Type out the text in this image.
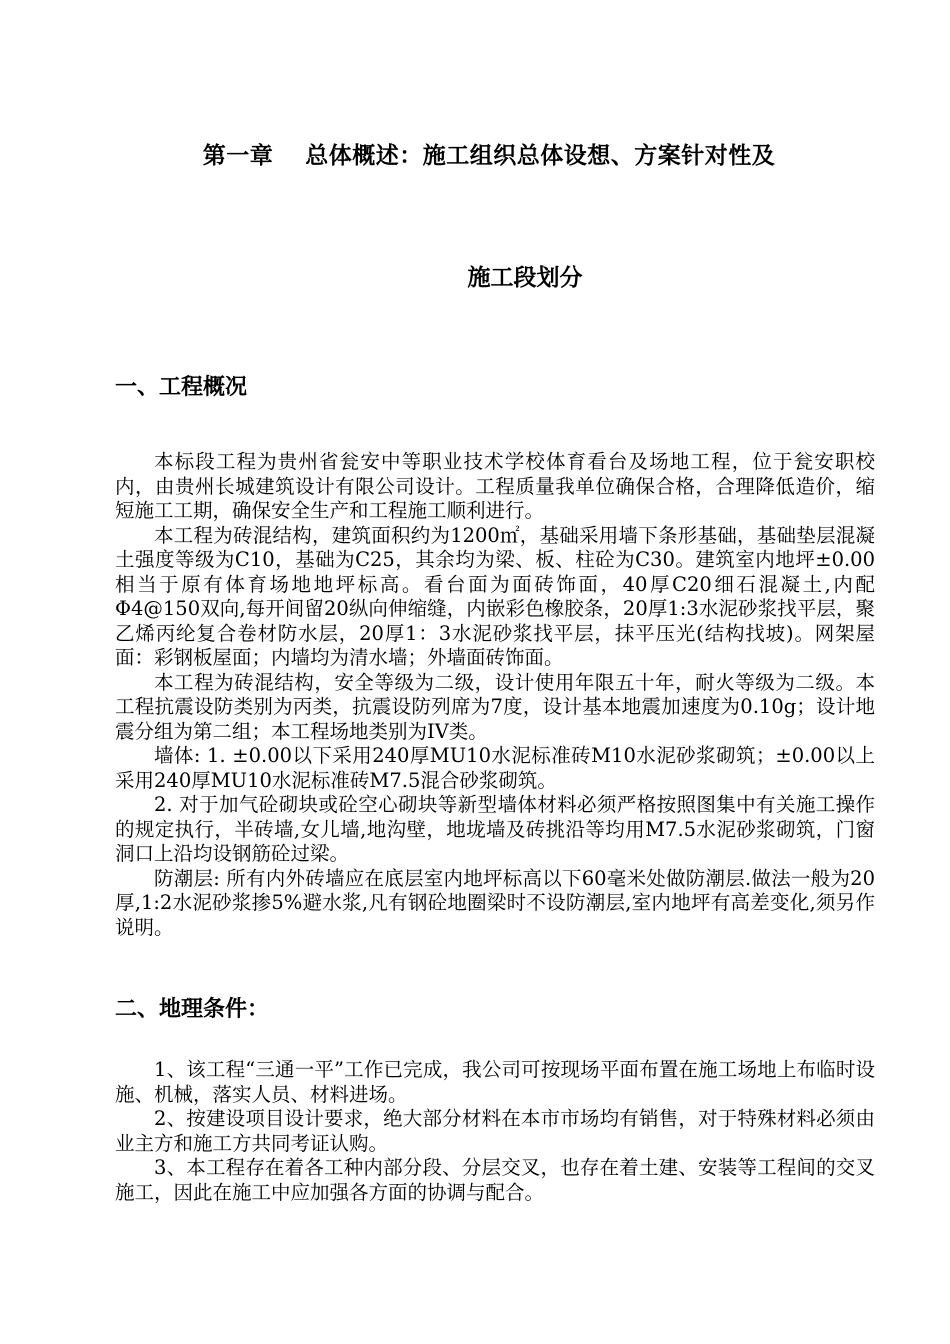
第一章　 总体概述：施工组织总体设想、方案针对性及
施工段划分
一、工程概况

本标段工程为贵州省瓮安中等职业技术学校体育看台及场地工程，位于瓮安职校内，由贵州长城建筑设计有限公司设计。工程质量我单位确保合格，合理降低造价，缩短施工工期，确保安全生产和工程施工顺利进行。

本工程为砖混结构，建筑面积约为1200㎡，基础采用墙下条形基础，基础垫层混凝土强度等级为C10，基础为C25，其余均为梁、板、柱砼为C30。建筑室内地坪±0.00相当于原有体育场地地坪标高。看台面为面砖饰面，40厚C20细石混凝土,内配 Φ4@150双向,每开间留20纵向伸缩缝，内嵌彩色橡胶条，20厚1:3水泥砂浆找平层，聚乙烯丙纶复合卷材防水层，20厚1：3水泥砂浆找平层，抹平压光(结构找坡)。网架屋面：彩钢板屋面；内墙均为清水墙；外墙面砖饰面。

本工程为砖混结构，安全等级为二级，设计使用年限五十年，耐火等级为二级。本工程抗震设防类别为丙类，抗震设防列席为7度，设计基本地震加速度为0.10g；设计地震分组为第二组；本工程场地类别为IV类。

墙体: 1. ±0.00以下采用240厚MU10水泥标准砖M10水泥砂浆砌筑；±0.00以上采用240厚MU10水泥标准砖M7.5混合砂浆砌筑。

2. 对于加气砼砌块或砼空心砌块等新型墙体材料必须严格按照图集中有关施工操作的规定执行，半砖墙,女儿墙,地沟壁，地垅墙及砖挑沿等均用M7.5水泥砂浆砌筑，门窗洞口上沿均设钢筋砼过梁。

防潮层: 所有内外砖墙应在底层室内地坪标高以下60毫米处做防潮层.做法一般为20厚,1:2水泥砂浆掺5%避水浆,凡有钢砼地圈梁时不设防潮层,室内地坪有高差变化,须另作说明。

二、地理条件：

1、该工程“三通一平”工作已完成，我公司可按现场平面布置在施工场地上布临时设施、机械，落实人员、材料进场。

2、按建设项目设计要求，绝大部分材料在本市市场均有销售，对于特殊材料必须由业主方和施工方共同考证认购。

3、本工程存在着各工种内部分段、分层交叉，也存在着土建、安装等工程间的交叉施工，因此在施工中应加强各方面的协调与配合。
